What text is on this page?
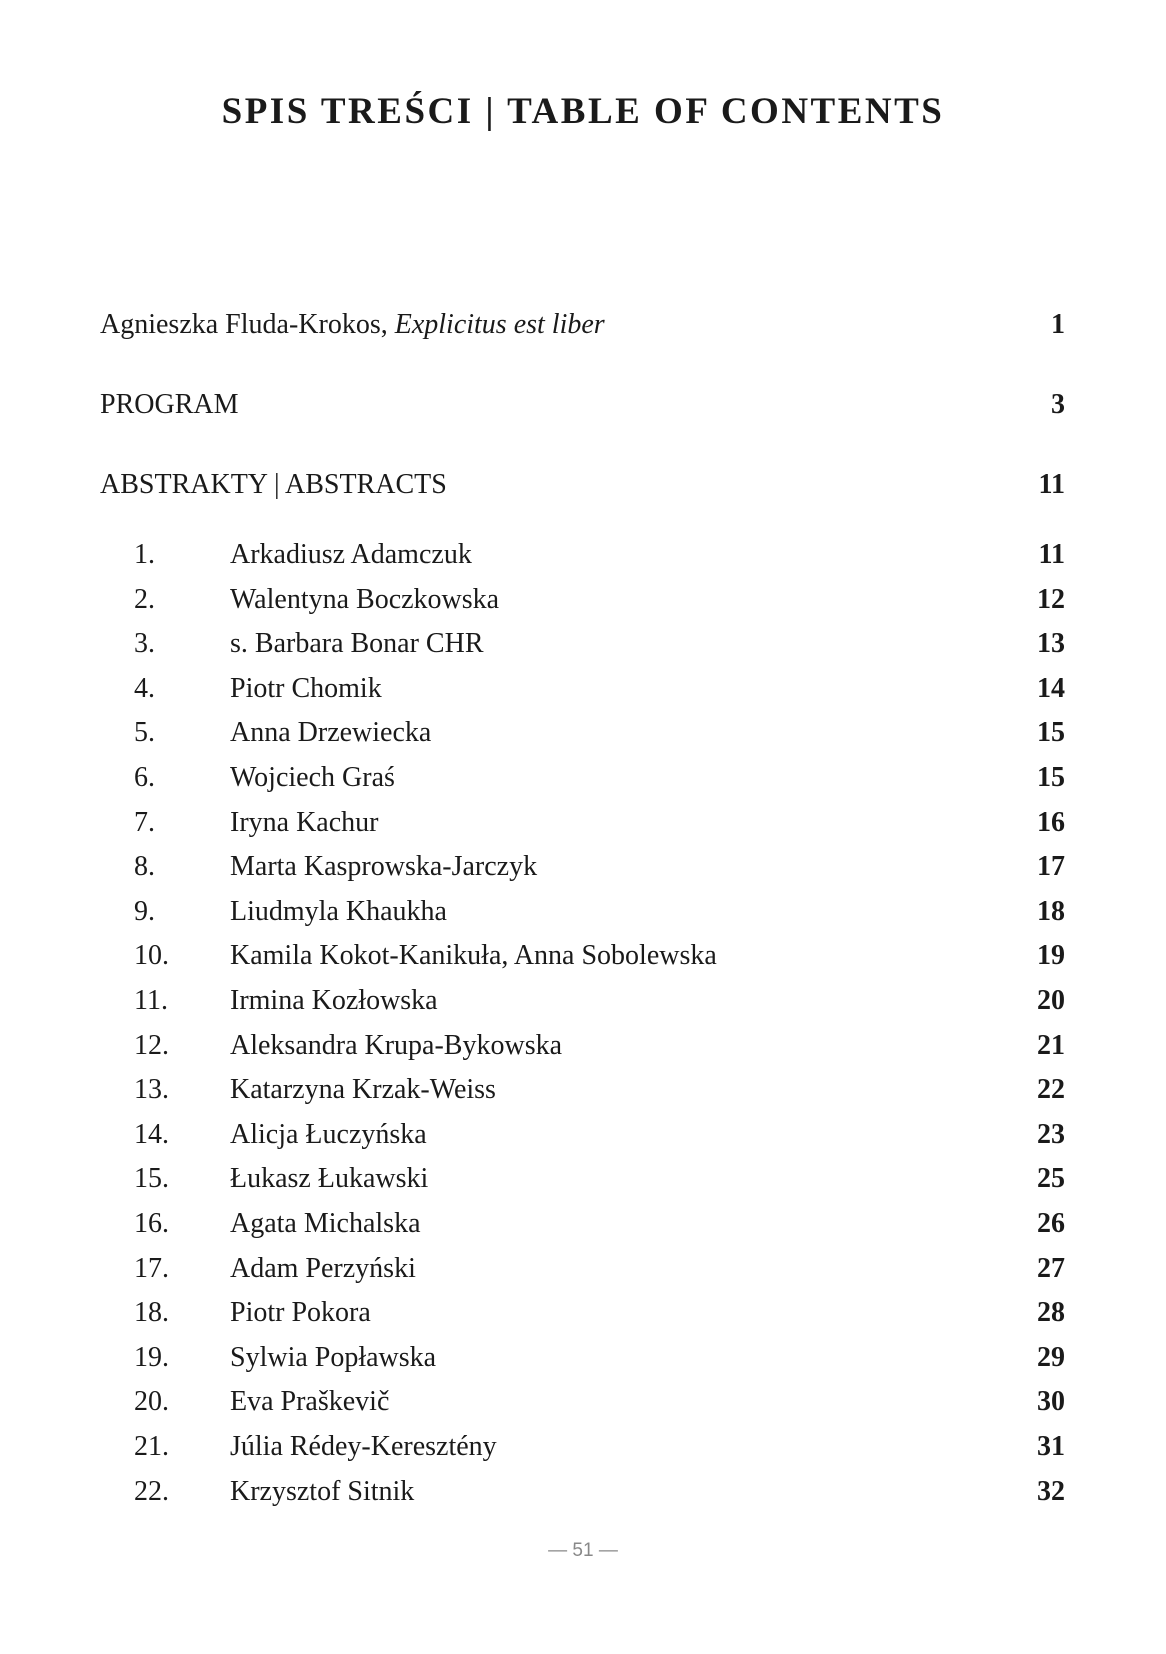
SPIS TREŚCI | TABLE OF CONTENTS
Agnieszka Fluda-Krokos, Explicitus est liber	1
PROGRAM	3
ABSTRAKTY | ABSTRACTS	11
1.	Arkadiusz Adamczuk	11
2.	Walentyna Boczkowska	12
3.	s. Barbara Bonar CHR	13
4.	Piotr Chomik	14
5.	Anna Drzewiecka	15
6.	Wojciech Graś	15
7.	Iryna Kachur	16
8.	Marta Kasprowska-Jarczyk	17
9.	Liudmyla Khaukha	18
10.	Kamila Kokot-Kanikuła, Anna Sobolewska	19
11.	Irmina Kozłowska	20
12.	Aleksandra Krupa-Bykowska	21
13.	Katarzyna Krzak-Weiss	22
14.	Alicja Łuczyńska	23
15.	Łukasz Łukawski	25
16.	Agata Michalska	26
17.	Adam Perzyński	27
18.	Piotr Pokora	28
19.	Sylwia Popławska	29
20.	Eva Praškevič	30
21.	Júlia Rédey-Keresztény	31
22.	Krzysztof Sitnik	32
— 51 —
